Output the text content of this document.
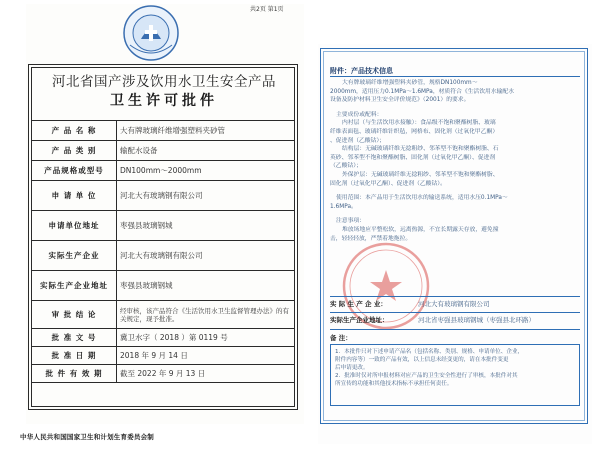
共2页 第1页
河北省国产涉及饮用水卫生安全产品
卫生许可批件
产 品 名 称	大有牌玻璃纤维增强塑料夹砂管
产 品 类 别	输配水设备
产品规格或型号	DN100mm～2000mm
申 请 单 位	河北大有玻璃钢有限公司
申请单位地址	枣强县玻璃钢城
实际生产企业	河北大有玻璃钢有限公司
实际生产企业地址	枣强县玻璃钢城
审 批 结 论	经审核，该产品符合《生活饮用水卫生监督管理办法》的有关规定，现予批准。
批 准 文 号	冀卫水字（ 2018 ）第 0119 号
批 准 日 期	2018 年 9 月 14 日
批 件 有 效 期	截至 2022 年 9 月 13 日
中华人民共和国国家卫生和计划生育委员会制
附件：产品技术信息
大有牌玻璃纤维增强塑料夹砂管，规格DN100mm～
2000mm，适用压力0.1MPa～1.6MPa，材质符合《生活饮用水输配水
设备及防护材料卫生安全评价规范》（2001）的要求。
主要成份或配料：
内衬层（与生活饮用水接触）：食品级不饱和聚酯树脂、玻璃
纤维表面毡、玻璃纤维针织毡，网格布、固化剂（过氧化甲乙酮）
、促进剂（乙酸钴）；
结构层：无碱玻璃纤维无捻粗纱、邻苯型不饱和聚酯树脂、石
英砂、邻苯型不饱和聚酯树脂、固化剂（过氧化甲乙酮）、促进剂
（乙酸钴）；
外保护层：无碱玻璃纤维无捻粗纱、邻苯型不饱和聚酯树脂、
固化剂（过氧化甲乙酮）、促进剂（乙酸钴）。
使用范围：本产品用于生活饮用水的输送系统，适用水压0.1MPa～
1.6MPa。
注意事项：
堆放场地应平整松软，远离热源，不宜长期露天存放，避免撞
击，轻轻轻放，严禁着地拖拉。
实 际 生 产 企 业：	河北大有玻璃钢有限公司
实际生产企业地址：	河北省枣强县玻璃钢城（枣强县北环路）
备 注：
1．本批件只对下述申请产品名（包括名称、类别、规格、申请单位、企业，
附件内容等）一致的产品有效，以上信息未经变更的，请在本批件变更
后申请更改。
2．批准时仅对所申报材料对应产品的卫生安全性进行了审核，本批件对其
所宣传的功能和其他技术指标不承担任何责任。
